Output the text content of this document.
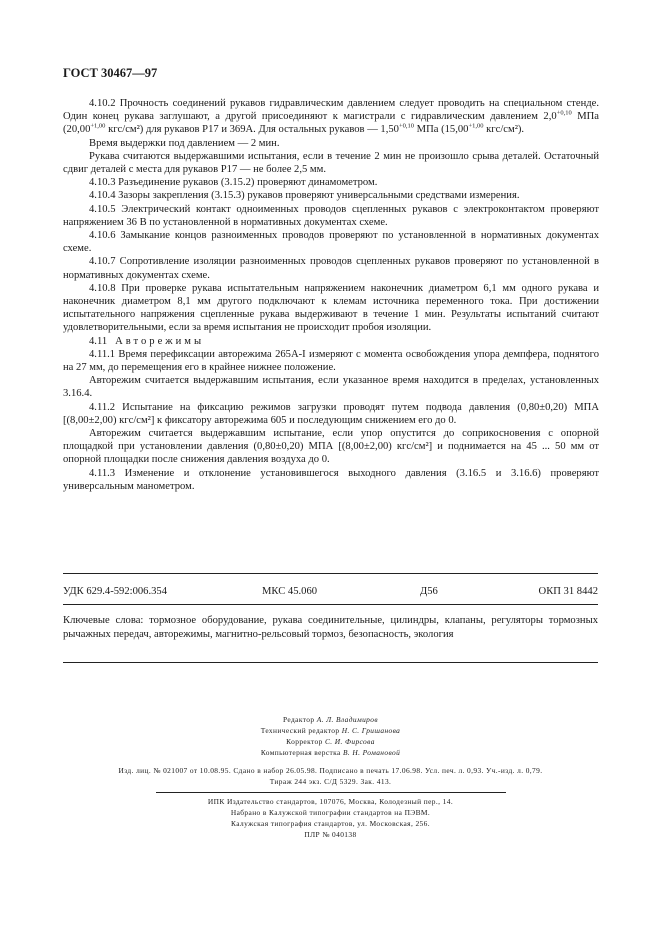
ГОСТ 30467—97

4.10.2 Прочность соединений рукавов гидравлическим давлением следует проводить на специальном стенде. Один конец рукава заглушают, а другой присоединяют к магистрали с гидравлическим давлением $2,0^{+0,10}$ МПа ($20,00^{+1,00}$ кгс/см²) для рукавов Р17 и 369А. Для остальных рукавов — $1,50^{+0,10}$ МПа ($15,00^{+1,00}$ кгс/см²).

Время выдержки под давлением — 2 мин.

Рукава считаются выдержавшими испытания, если в течение 2 мин не произошло срыва деталей. Остаточный сдвиг деталей с места для рукавов Р17 — не более 2,5 мм.

4.10.3 Разъединение рукавов (3.15.2) проверяют динамометром.

4.10.4 Зазоры закрепления (3.15.3) рукавов проверяют универсальными средствами измерения.

4.10.5 Электрический контакт одноименных проводов сцепленных рукавов с электроконтактом проверяют напряжением 36 В по установленной в нормативных документах схеме.

4.10.6 Замыкание концов разноименных проводов проверяют по установленной в нормативных документах схеме.

4.10.7 Сопротивление изоляции разноименных проводов сцепленных рукавов проверяют по установленной в нормативных документах схеме.

4.10.8 При проверке рукава испытательным напряжением наконечник диаметром 6,1 мм одного рукава и наконечник диаметром 8,1 мм другого подключают к клемам источника переменного тока. При достижении испытательного напряжения сцепленные рукава выдерживают в течение 1 мин. Результаты испытаний считают удовлетворительными, если за время испытания не происходит пробоя изоляции.

4.11 Авторежимы

4.11.1 Время перефиксации авторежима 265А-I измеряют с момента освобождения упора демпфера, поднятого на 27 мм, до перемещения его в крайнее нижнее положение.

Авторежим считается выдержавшим испытания, если указанное время находится в пределах, установленных 3.16.4.

4.11.2 Испытание на фиксацию режимов загрузки проводят путем подвода давления (0,80±0,20) МПА [(8,00±2,00) кгс/см²] к фиксатору авторежима 605 и последующим снижением его до 0.

Авторежим считается выдержавшим испытание, если упор опустится до соприкосновения с опорной площадкой при установлении давления (0,80±0,20) МПА [(8,00±2,00) кгс/см²] и поднимается на 45 ... 50 мм от опорной площадки после снижения давления воздуха до 0.

4.11.3 Изменение и отклонение установившегося выходного давления (3.16.5 и 3.16.6) проверяют универсальным манометром.

УДК 629.4-592:006.354	МКС 45.060	Д56	ОКП 31 8442
Ключевые слова: тормозное оборудование, рукава соединительные, цилиндры, клапаны, регуляторы тормозных рычажных передач, авторежимы, магнитно-рельсовый тормоз, безопасность, экология

Редактор А. Л. Владимиров

Технический редактор Н. С. Гришанова

Корректор С. И. Фирсова

Компьютерная верстка В. Н. Романовой

Изд. лиц. № 021007 от 10.08.95. Сдано в набор 26.05.98. Подписано в печать 17.06.98. Усл. печ. л. 0,93. Уч.-изд. л. 0,79.

Тираж 244 экз. С/Д 5329. Зак. 413.

ИПК Издательство стандартов, 107076, Москва, Колодезный пер., 14.

Набрано в Калужской типографии стандартов на ПЭВМ.

Калужская типография стандартов, ул. Московская, 256.

ПЛР № 040138
